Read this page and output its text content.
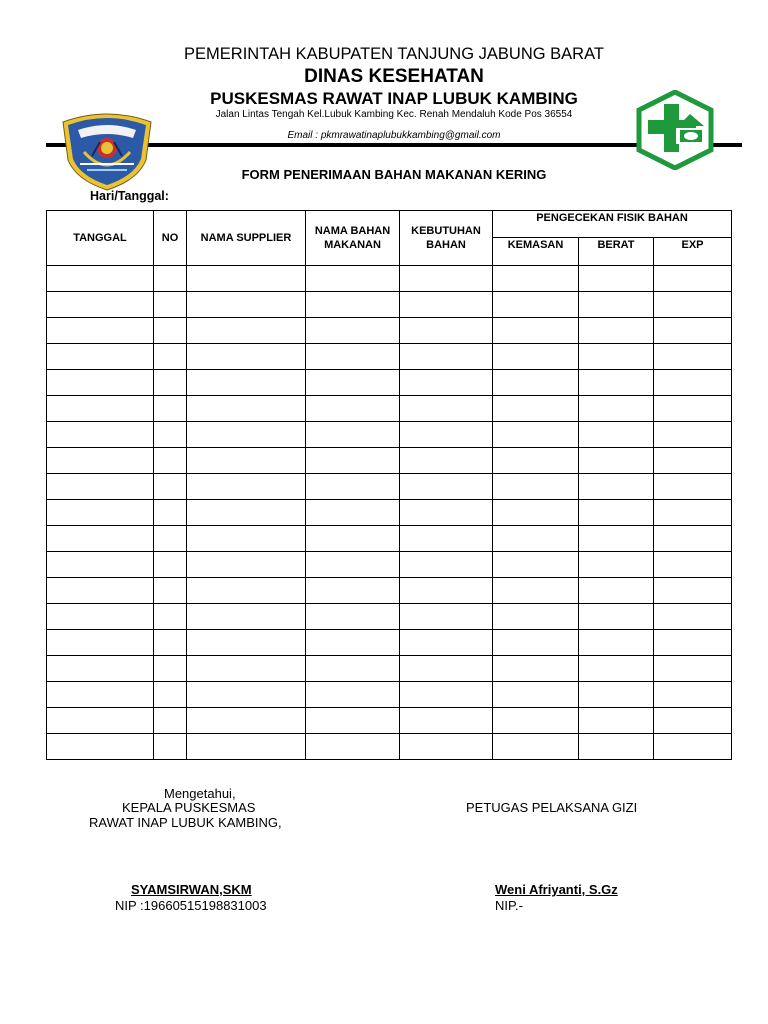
PEMERINTAH KABUPATEN TANJUNG JABUNG BARAT
DINAS KESEHATAN
PUSKESMAS RAWAT INAP LUBUK KAMBING
Jalan Lintas Tengah Kel.Lubuk Kambing Kec. Renah Mendaluh Kode Pos 36554
Email : pkmrawatinaplubukkambing@gmail.com
FORM PENERIMAAN BAHAN MAKANAN KERING
Hari/Tanggal:
TANGGAL	NO	NAMA SUPPLIER	NAMA BAHAN MAKANAN	KEBUTUHAN BAHAN	PENGECEKAN FISIK BAHAN		
					KEMASAN	BERAT	EXP

Mengetahui,
KEPALA PUSKESMAS
RAWAT INAP LUBUK KAMBING,
PETUGAS PELAKSANA GIZI
SYAMSIRWAN,SKM
NIP :19660515198831003
Weni Afriyanti, S.Gz
NIP.-
